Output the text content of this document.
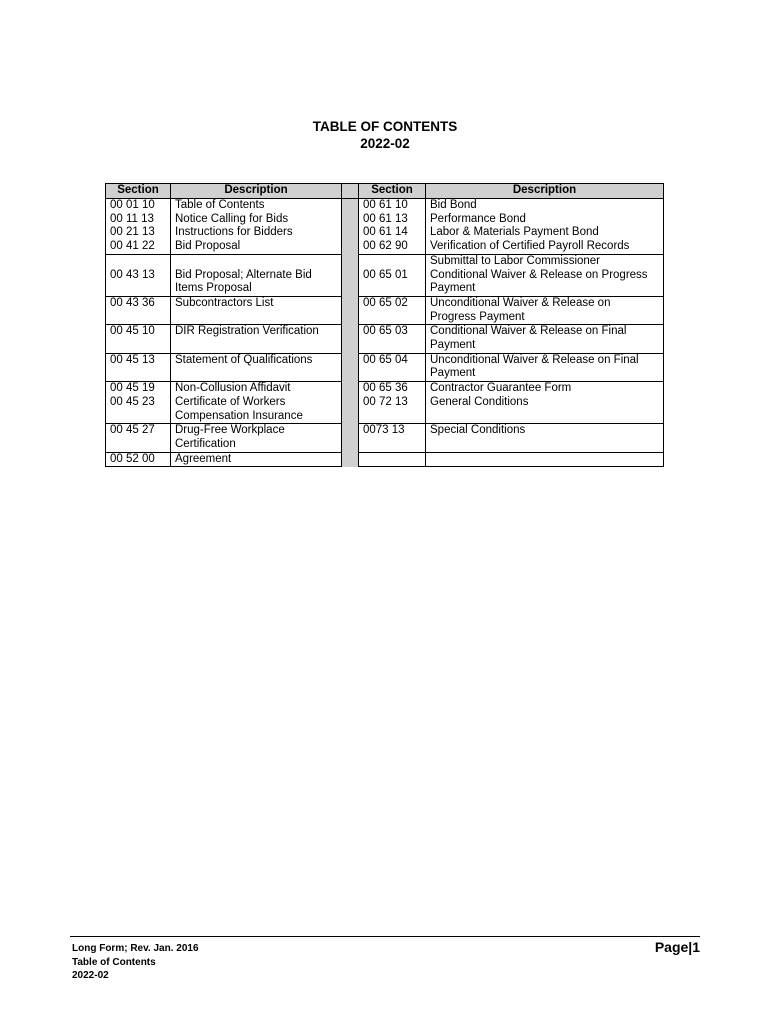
TABLE OF CONTENTS
2022-02
Section	Description		Section	Description
00 01 10	Table of Contents		00 61 10	Bid Bond
00 11 13	Notice Calling for Bids		00 61 13	Performance Bond
00 21 13	Instructions for Bidders		00 61 14	Labor & Materials Payment Bond
00 41 22	Bid Proposal		00 62 90	Verification of Certified Payroll Records
				Submittal to Labor Commissioner
00 43 13	Bid Proposal; Alternate Bid		00 65 01	Conditional Waiver & Release on Progress
	Items Proposal			Payment
00 43 36	Subcontractors List		00 65 02	Unconditional Waiver & Release on
				Progress Payment
00 45 10	DIR Registration Verification		00 65 03	Conditional Waiver & Release on Final
				Payment
00 45 13	Statement of Qualifications		00 65 04	Unconditional Waiver & Release on Final
				Payment
00 45 19	Non-Collusion Affidavit		00 65 36	Contractor Guarantee Form
00 45 23	Certificate of Workers		00 72 13	General Conditions
	Compensation Insurance			
00 45 27	Drug-Free Workplace		0073 13	Special Conditions
	Certification			
00 52 00	Agreement			
Long Form; Rev. Jan. 2016
Table of Contents
2022-02
Page|1
